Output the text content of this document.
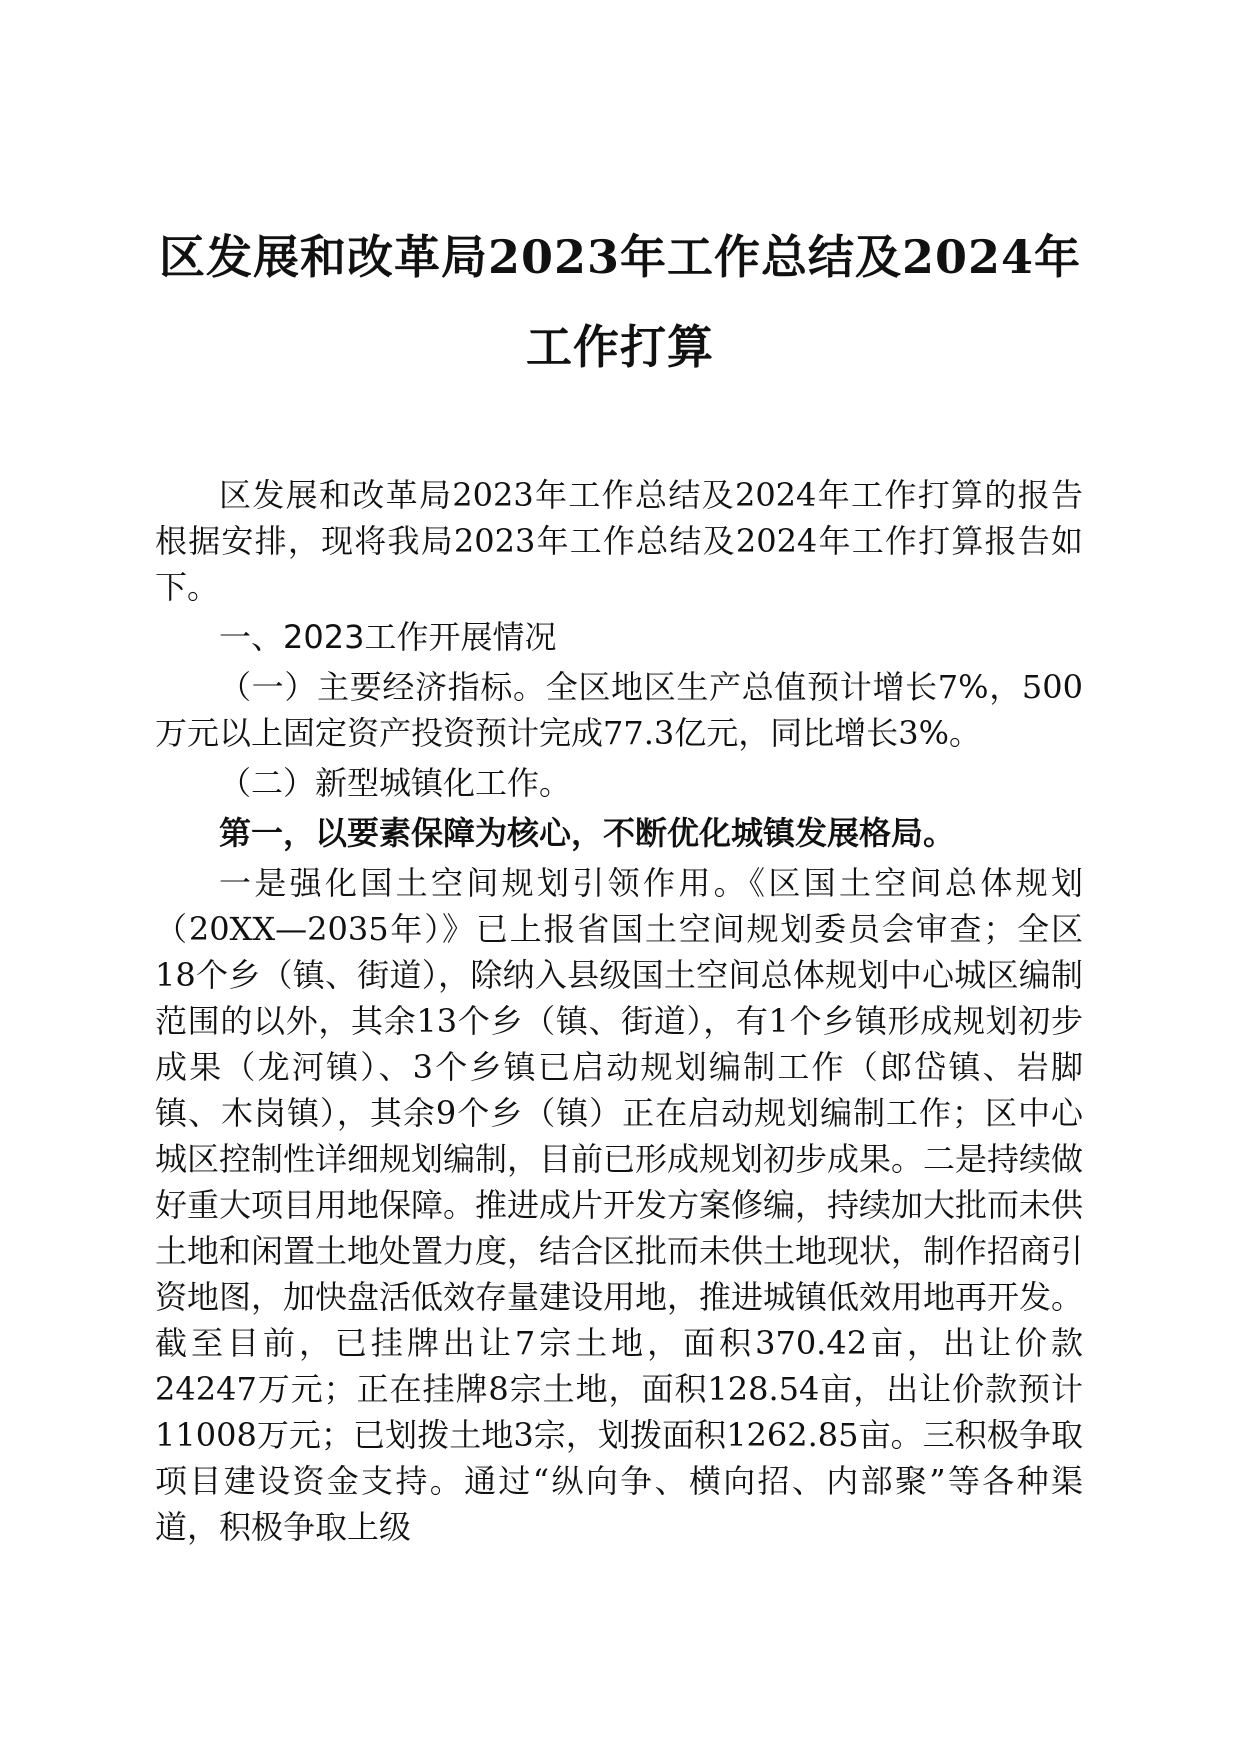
区发展和改革局2023年工作总结及2024年工作打算

区发展和改革局2023年工作总结及2024年工作打算的报告根据安排，现将我局2023年工作总结及2024年工作打算报告如下。

一、2023工作开展情况

（一）主要经济指标。全区地区生产总值预计增长7%，500万元以上固定资产投资预计完成77.3亿元，同比增长3%。

（二）新型城镇化工作。

第一，以要素保障为核心，不断优化城镇发展格局。

一是强化国土空间规划引领作用。《区国土空间总体规划（20XX—2035年）》已上报省国土空间规划委员会审查；全区18个乡（镇、街道），除纳入县级国土空间总体规划中心城区编制范围的以外，其余13个乡（镇、街道），有1个乡镇形成规划初步成果（龙河镇）、3个乡镇已启动规划编制工作（郎岱镇、岩脚镇、木岗镇），其余9个乡（镇）正在启动规划编制工作；区中心城区控制性详细规划编制，目前已形成规划初步成果。二是持续做好重大项目用地保障。推进成片开发方案修编，持续加大批而未供土地和闲置土地处置力度，结合区批而未供土地现状，制作招商引资地图，加快盘活低效存量建设用地，推进城镇低效用地再开发。截至目前，已挂牌出让7宗土地，面积370.42亩，出让价款24247万元；正在挂牌8宗土地，面积128.54亩，出让价款预计11008万元；已划拨土地3宗，划拨面积1262.85亩。三积极争取项目建设资金支持。通过“纵向争、横向招、内部聚”等各种渠道，积极争取上级
